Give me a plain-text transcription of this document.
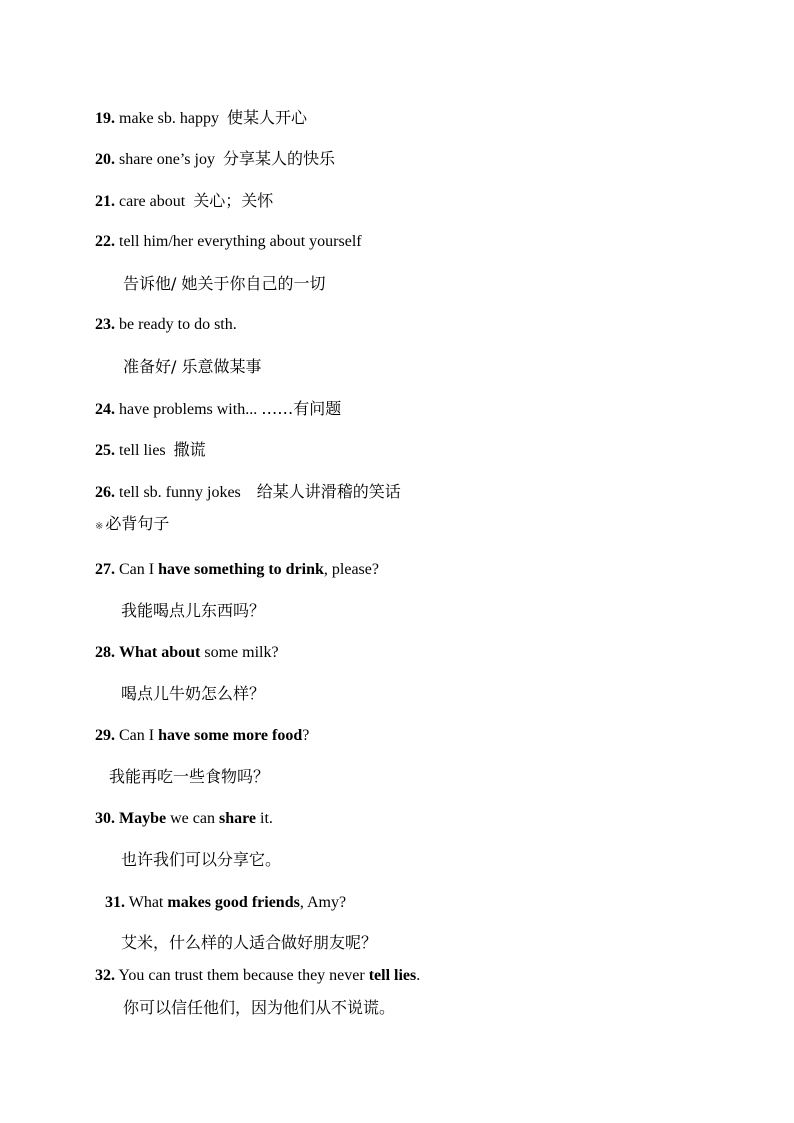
19. make sb. happy 使某人开心
20. share one’s joy 分享某人的快乐
21. care about 关心；关怀
22. tell him/her everything about yourself
告诉他/ 她关于你自己的一切
23. be ready to do sth.
准备好/ 乐意做某事
24. have problems with... ……有问题
25. tell lies 撒谎
26. tell sb. funny jokes 给某人讲滑稽的笑话
※ 必背句子
27. Can I have something to drink, please?
我能喝点儿东西吗？
28. What about some milk?
喝点儿牛奶怎么样？
29. Can I have some more food?
我能再吃一些食物吗？
30. Maybe we can share it.
也许我们可以分享它。
31. What makes good friends, Amy?
艾米，什么样的人适合做好朋友呢？
32. You can trust them because they never tell lies.
你可以信任他们，因为他们从不说谎。
